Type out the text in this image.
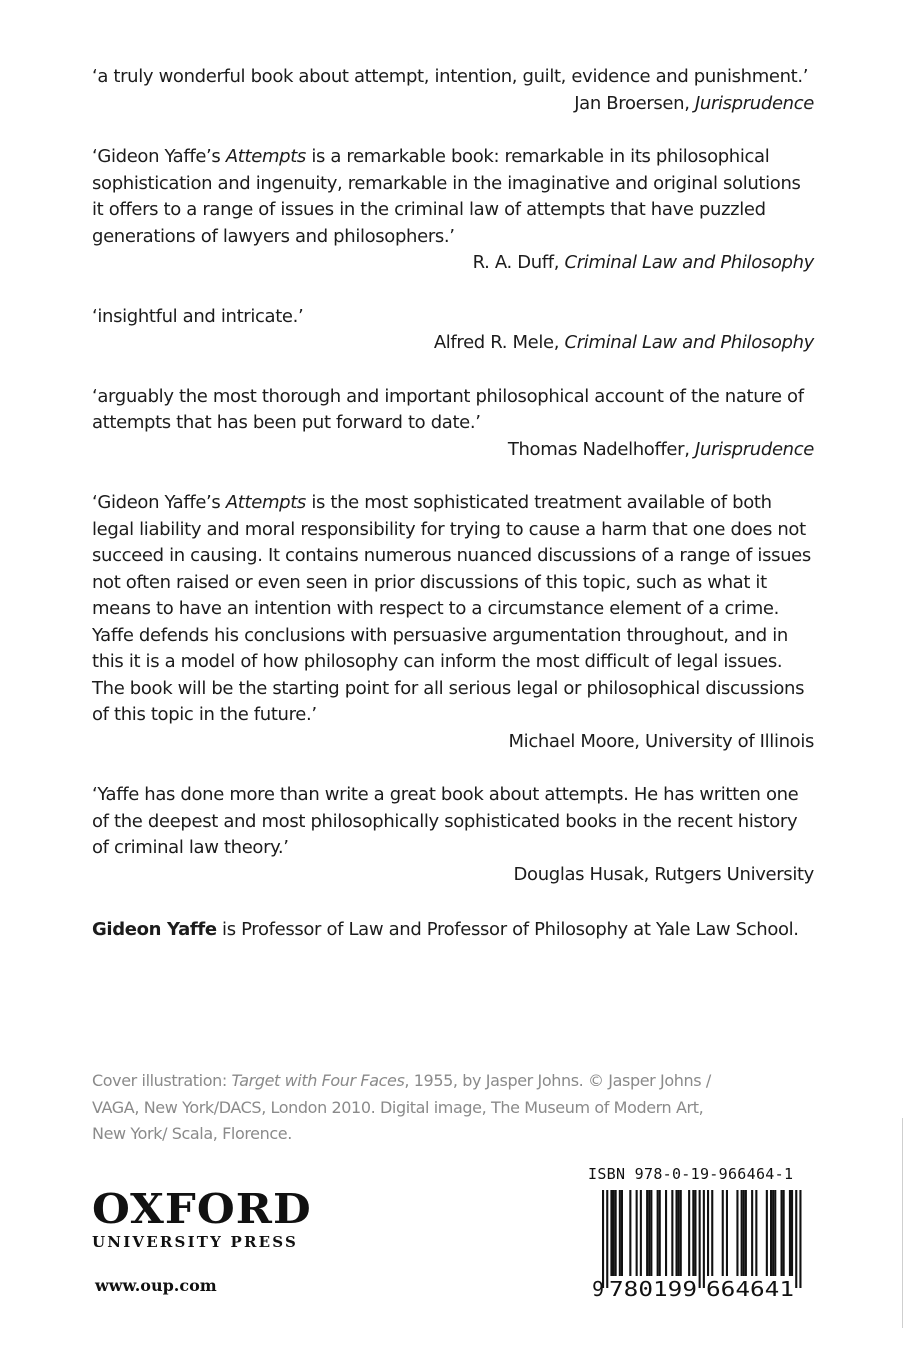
‘a truly wonderful book about attempt, intention, guilt, evidence and punishment.’

Jan Broersen, Jurisprudence

‘Gideon Yaffe’s Attempts is a remarkable book: remarkable in its philosophical sophistication and ingenuity, remarkable in the imaginative and original solutions it offers to a range of issues in the criminal law of attempts that have puzzled generations of lawyers and philosophers.’

R. A. Duff, Criminal Law and Philosophy

‘insightful and intricate.’

Alfred R. Mele, Criminal Law and Philosophy

‘arguably the most thorough and important philosophical account of the nature of attempts that has been put forward to date.’

Thomas Nadelhoffer, Jurisprudence

‘Gideon Yaffe’s Attempts is the most sophisticated treatment available of both legal liability and moral responsibility for trying to cause a harm that one does not succeed in causing. It contains numerous nuanced discussions of a range of issues not often raised or even seen in prior discussions of this topic, such as what it means to have an intention with respect to a circumstance element of a crime. Yaffe defends his conclusions with persuasive argumentation throughout, and in this it is a model of how philosophy can inform the most difficult of legal issues. The book will be the starting point for all serious legal or philosophical discussions of this topic in the future.’

Michael Moore, University of Illinois

‘Yaffe has done more than write a great book about attempts. He has written one of the deepest and most philosophically sophisticated books in the recent history of criminal law theory.’

Douglas Husak, Rutgers University

Gideon Yaffe is Professor of Law and Professor of Philosophy at Yale Law School.
Cover illustration: Target with Four Faces, 1955, by Jasper Johns. © Jasper Johns / VAGA, New York/DACS, London 2010. Digital image, The Museum of Modern Art, New York/ Scala, Florence.
OXFORD
UNIVERSITY PRESS
www.oup.com
ISBN 978-0-19-966464-1
9 780199 664641
